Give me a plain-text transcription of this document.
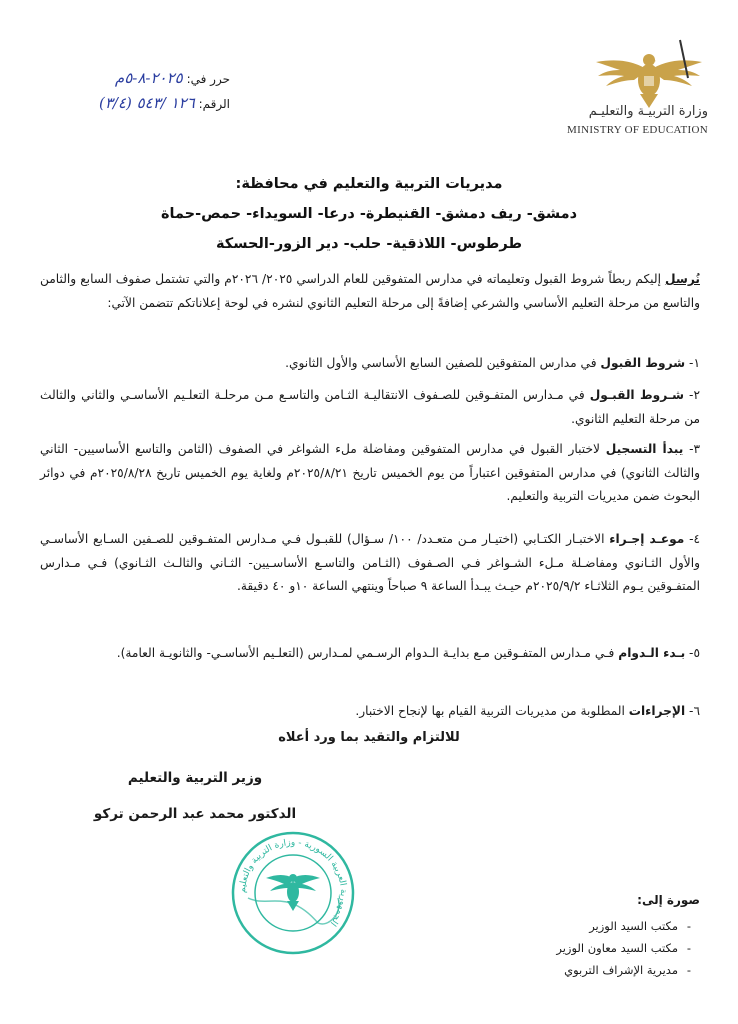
وزارة التربيـة والتعليـم
MINISTRY OF EDUCATION
حرر في: ٢٠٢٥-٨-٥م
الرقم: ١٢٦ /٥٤٣ (٣/٤)
مديريات التربية والتعليم في محافظة:
دمشق- ريف دمشق- القنيطرة- درعا- السويداء- حمص-حماة
طرطوس- اللاذقية- حلب- دير الزور-الحسكة
نُرسل إليكم ربطاً شروط القبول وتعليماته في مدارس المتفوقين للعام الدراسي ٢٠٢٥/ ٢٠٢٦م والتي تشتمل صفوف السابع والثامن والتاسع من مرحلة التعليم الأساسي والشرعي إضافةً إلى مرحلة التعليم الثانوي لنشره في لوحة إعلاناتكم تتضمن الآتي:
١- شروط القبول في مدارس المتفوقين للصفين السابع الأساسي والأول الثانوي.
٢- شـروط القبـول في مـدارس المتفـوقين للصـفوف الانتقاليـة الثـامن والتاسـع مـن مرحلـة التعلـيم الأساسـي والثاني والثالث من مرحلة التعليم الثانوي.
٣- يبدأ التسجيل لاختبار القبول في مدارس المتفوقين ومفاضلة ملء الشواغر في الصفوف (الثامن والتاسع الأساسيين- الثاني والثالث الثانوي) في مدارس المتفوقين اعتباراً من يوم الخميس تاريخ ٢٠٢٥/٨/٢١م ولغاية يوم الخميس تاريخ ٢٠٢٥/٨/٢٨م في دوائر البحوث ضمن مديريات التربية والتعليم.
٤- موعـد إجـراء الاختبـار الكتـابي (اختيـار مـن متعـدد/ ١٠٠/ سـؤال) للقبـول فـي مـدارس المتفـوقين للصـفين السـابع الأساسـي والأول الثـانوي ومفاضـلة مـلء الشـواغر فـي الصـفوف (الثـامن والتاسـع الأساسـيين- الثـاني والثالـث الثـانوي) فـي مـدارس المتفـوقين يـوم الثلاثـاء ٢٠٢٥/٩/٢م حيـث يبـدأ الساعة ٩ صباحاً وينتهي الساعة ١٠و ٤٠ دقيقة.
٥- بـدء الـدوام فـي مـدارس المتفـوقين مـع بدايـة الـدوام الرسـمي لمـدارس (التعلـيم الأساسـي- والثانويـة العامة).
٦- الإجراءات المطلوبة من مديريات التربية القيام بها لإنجاح الاختبار.
للالتزام والتقيد بما ورد أعلاه
وزير التربية والتعليم
الدكتور محمد عبد الرحمن تركو
الجمهورية العربية السورية - وزارة التربية والتعليم
صورة إلى:
-مكتب السيد الوزير
-مكتب السيد معاون الوزير
-مديرية الإشراف التربوي
